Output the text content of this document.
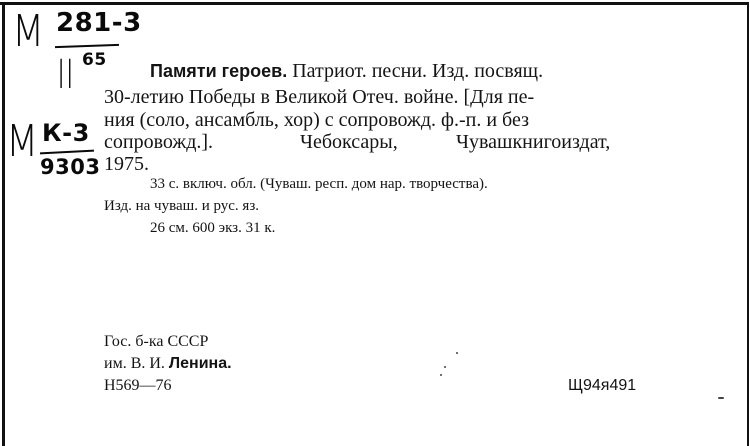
М 281-3
II 65
М К-3
9303
Памяти героев. Патриот. песни. Изд. посвящ.
30-летию Победы в Великой Отеч. войне. [Для пе-
ния (соло, ансамбль, хор) с сопровожд. ф.-п. и без
сопровожд.].	Чебоксары,	Чувашкнигоиздат,
1975.
33 с. включ. обл. (Чуваш. респ. дом нар. творчества).
Изд. на чуваш. и рус. яз.
26 см. 600 экз. 31 к.
Гос. б-ка СССР
им. В. И. Ленина.
Н569—76	Щ94я491
